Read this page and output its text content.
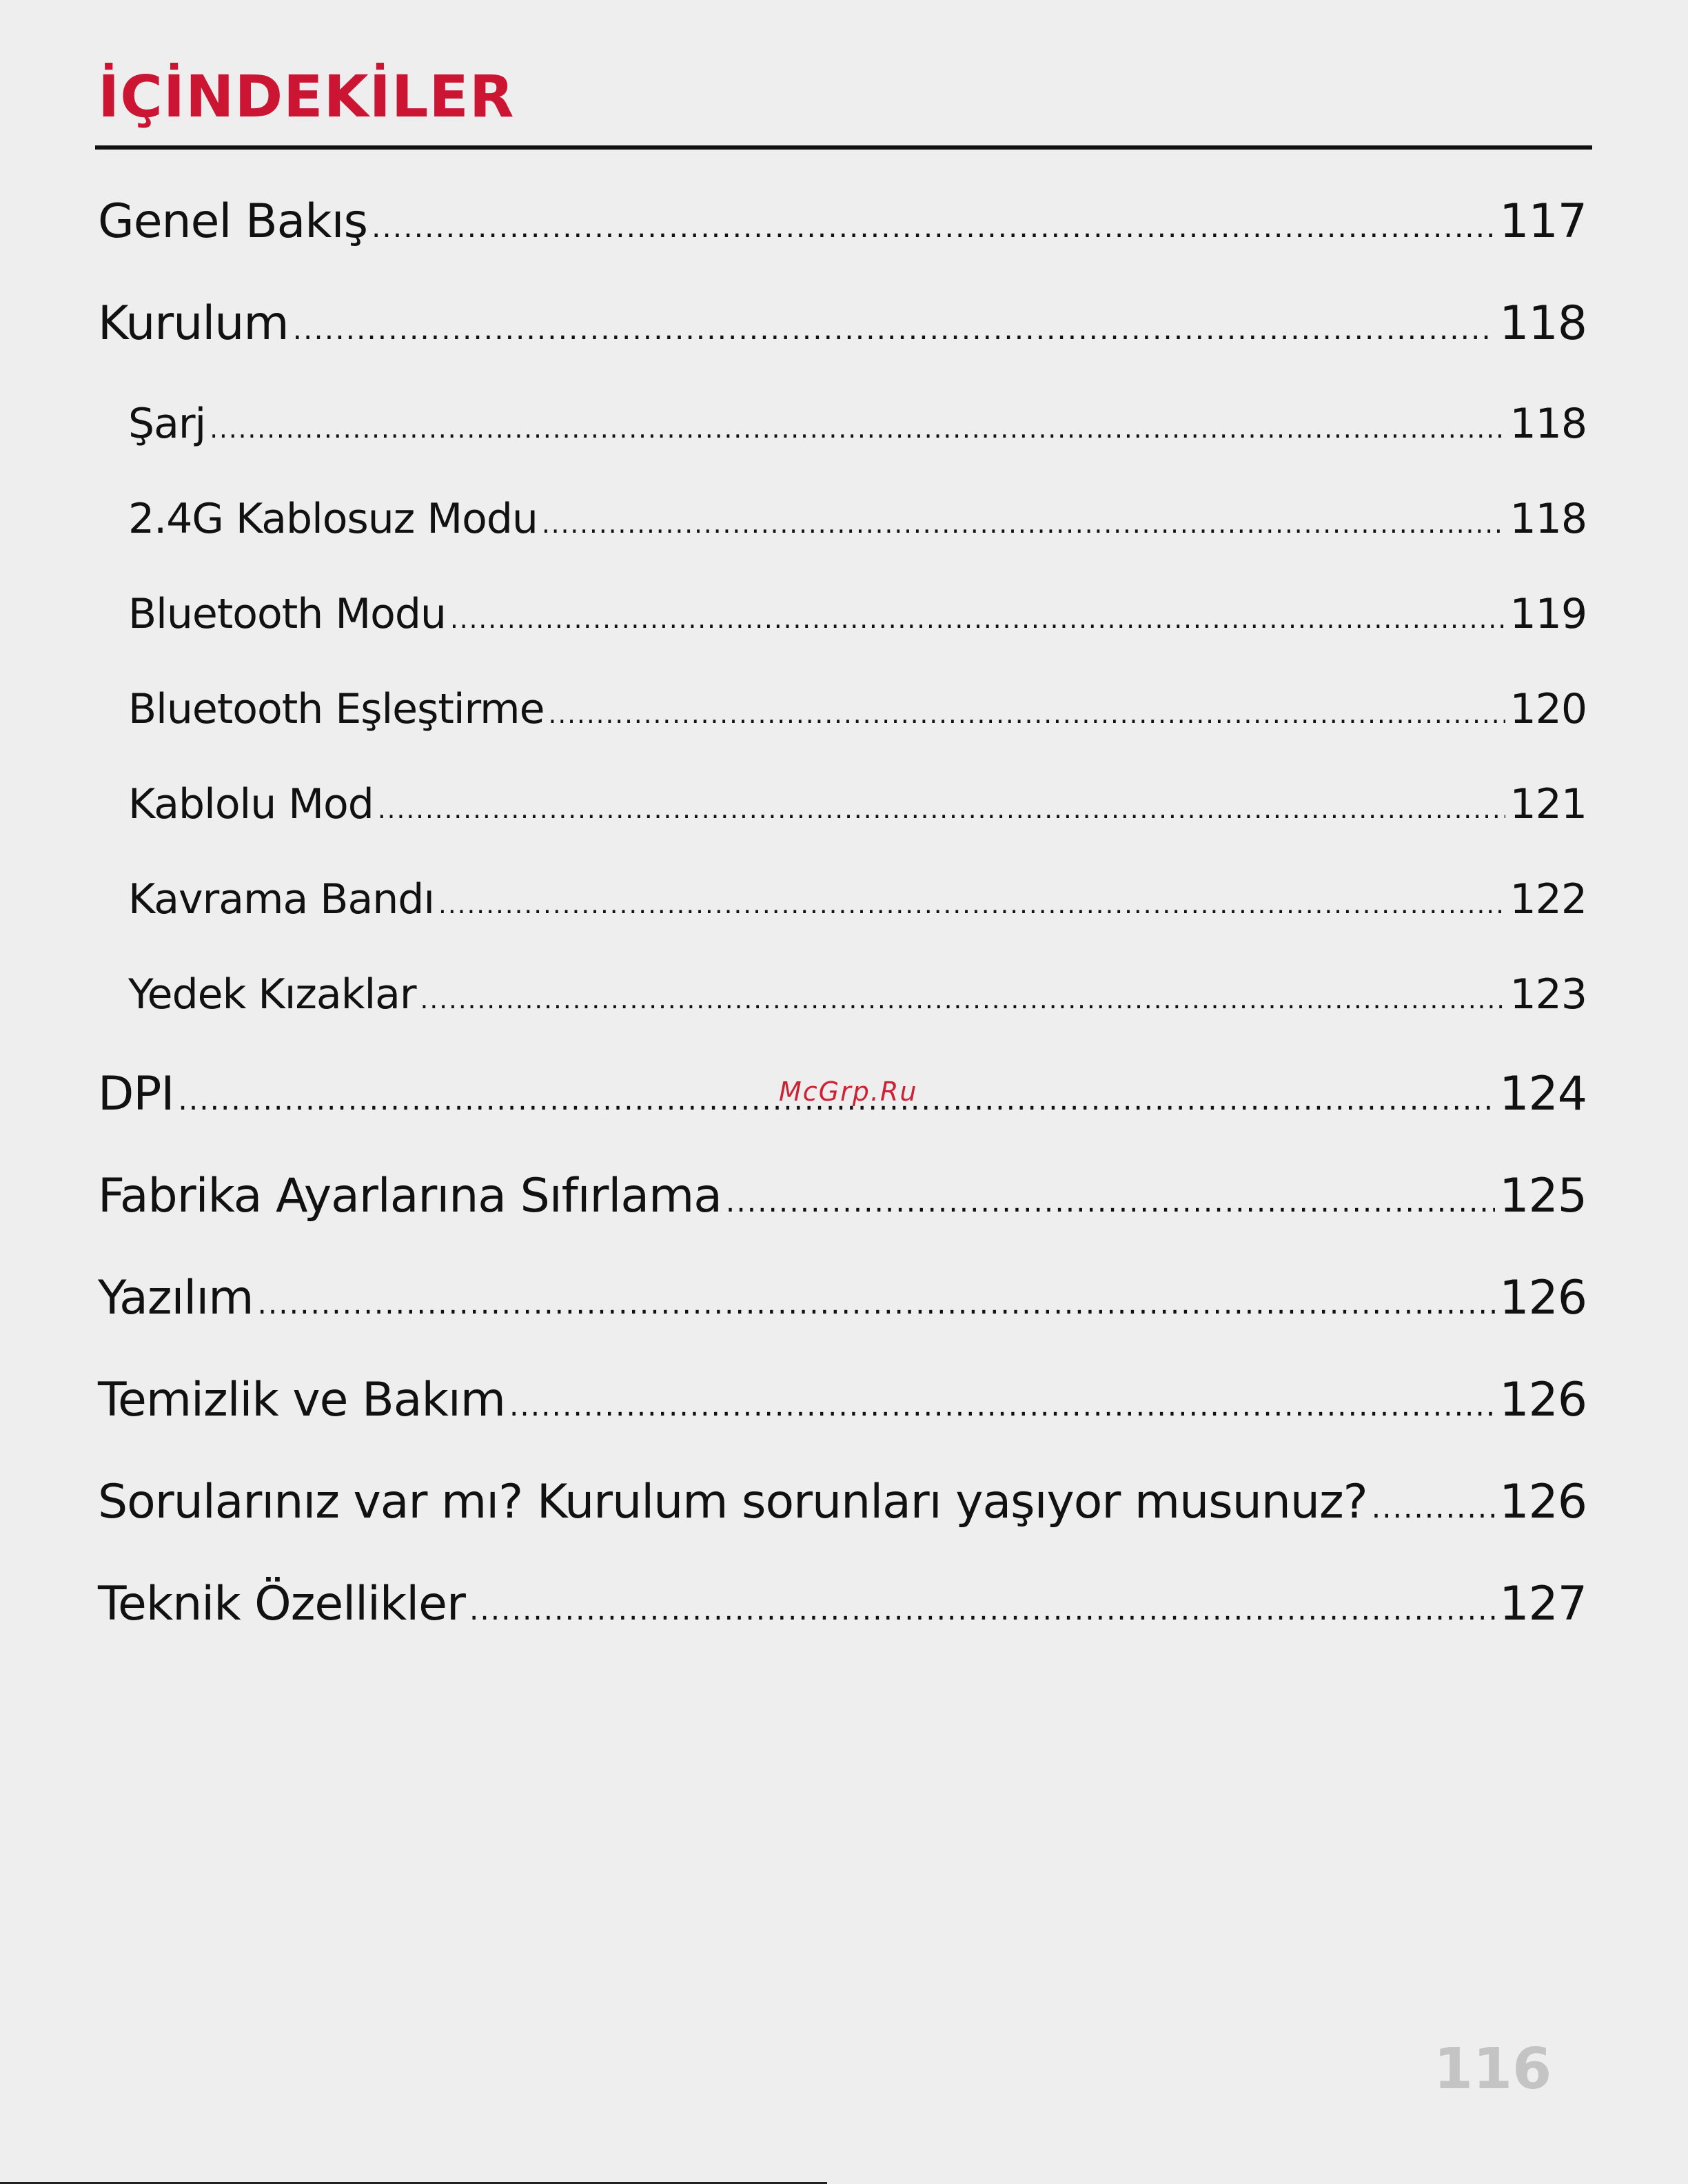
İÇİNDEKİLER
Genel Bakış .....	117
Kurulum .....	118
Şarj .....	118
2.4G Kablosuz Modu .....	118
Bluetooth Modu .....	119
Bluetooth Eşleştirme .....	120
Kablolu Mod .....	121
Kavrama Bandı .....	122
Yedek Kızaklar .....	123
DPI .....	124
Fabrika Ayarlarına Sıfırlama .....	125
Yazılım .....	126
Temizlik ve Bakım .....	126
Sorularınız var mı? Kurulum sorunları yaşıyor musunuz? .....	126
Teknik Özellikler .....	127
McGrp.Ru
116
